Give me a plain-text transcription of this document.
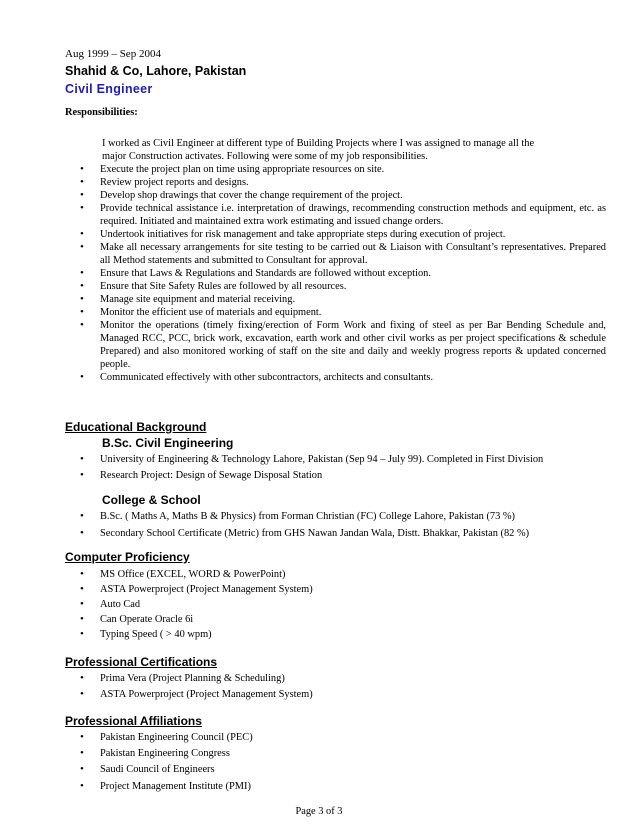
Aug 1999 – Sep 2004
Shahid & Co, Lahore, Pakistan
Civil Engineer
Responsibilities:
I worked as Civil Engineer at different type of Building Projects where I was assigned to manage all the
major Construction activates. Following were some of my job responsibilities.
• Execute the project plan on time using appropriate resources on site.
• Review project reports and designs.
• Develop shop drawings that cover the change requirement of the project.
• Provide technical assistance i.e. interpretation of drawings, recommending construction methods and equipment, etc. as required. Initiated and maintained extra work estimating and issued change orders.
• Undertook initiatives for risk management and take appropriate steps during execution of project.
• Make all necessary arrangements for site testing to be carried out & Liaison with Consultant’s representatives. Prepared all Method statements and submitted to Consultant for approval.
• Ensure that Laws & Regulations and Standards are followed without exception.
• Ensure that Site Safety Rules are followed by all resources.
• Manage site equipment and material receiving.
• Monitor the efficient use of materials and equipment.
• Monitor the operations (timely fixing/erection of Form Work and fixing of steel as per Bar Bending Schedule and, Managed RCC, PCC, brick work, excavation, earth work and other civil works as per project specifications & schedule Prepared) and also monitored working of staff on the site and daily and weekly progress reports & updated concerned people.
• Communicated effectively with other subcontractors, architects and consultants.
Educational Background
B.Sc. Civil Engineering
• University of Engineering & Technology Lahore, Pakistan (Sep 94 – July 99). Completed in First Division
• Research Project: Design of Sewage Disposal Station
College & School
• B.Sc. ( Maths A, Maths B & Physics) from Forman Christian (FC) College Lahore, Pakistan (73 %)
• Secondary School Certificate (Metric) from GHS Nawan Jandan Wala, Distt. Bhakkar, Pakistan (82 %)
Computer Proficiency
• MS Office (EXCEL, WORD & PowerPoint)
• ASTA Powerproject (Project Management System)
• Auto Cad
• Can Operate Oracle 6i
• Typing Speed ( > 40 wpm)
Professional Certifications
• Prima Vera (Project Planning & Scheduling)
• ASTA Powerproject (Project Management System)
Professional Affiliations
• Pakistan Engineering Council (PEC)
• Pakistan Engineering Congress
• Saudi Council of Engineers
• Project Management Institute (PMI)
Page 3 of 3
